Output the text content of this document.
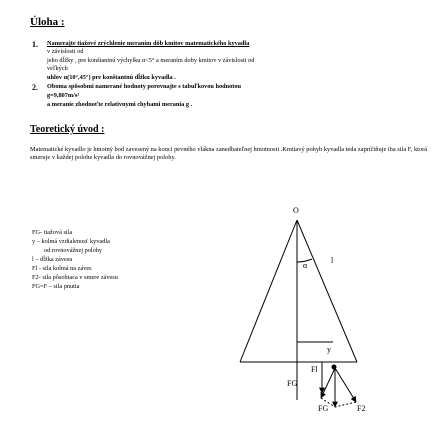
Úloha :
1. Namerajte tiažové zrýchlenie meraním dôb kmitov matematického kyvadla
v závislosti od
jeho dĺžky , pre konštantnú výchylku α<5° a meraním doby kmitov v závislosti od
veľkých
uhlov α(10°,45°) pre konštantnú dĺžku kyvadla .
2. Oboma spôsobmi namerané hodnoty porovnajte s tabuľkovou hodnotou
g=9,807m/s²
a meranie zhodnoťte relatívnymi chybami merania g .
Teoretický úvod :
Matematické kyvadlo je hmotný bod zavesený na konci pevného vlákna zanedbateľnej hmotnosti .Kmitavý pohyb kyvadla teda zapríčiňuje iba sila F, ktorá smeruje v každej polohe kyvadla do rovnovážnej polohy.
FG- tiažová sila
y – kolmá vzdialenosť kyvadla
od rovnovážnej polohy
l – dĺžka závesu
Fl - sila kolmá na záves
F2- sila pôsobiaca v smere závesu
FG=F – sila pnutia
O
α
l
y
Fl
FG
FG	F2
